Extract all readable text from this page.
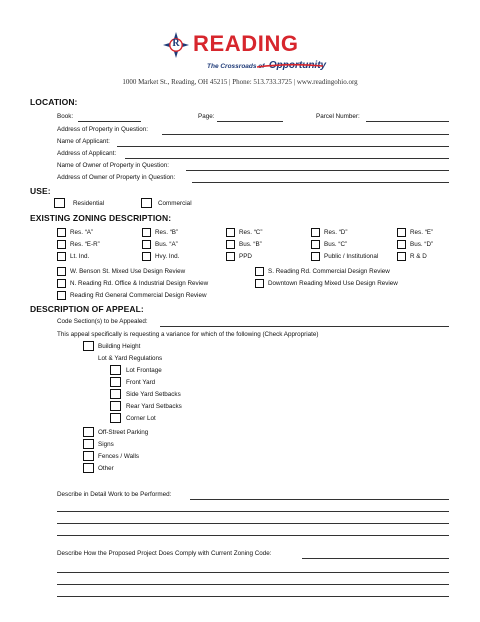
R READING
The Crossroads of Opportunity
1000 Market St., Reading, OH 45215 | Phone: 513.733.3725 | www.readingohio.org
LOCATION:
Book:	Page:	Parcel Number:
Address of Property in Question:
Name of Applicant:
Address of Applicant:
Name of Owner of Property in Question:
Address of Owner of Property in Question:
USE:
Residential	Commercial
EXISTING ZONING DESCRIPTION:
Res. “A”	Res. “B”	Res. “C”	Res. “D”	Res. “E”
Res. “E-R”	Bus. “A”	Bus. “B”	Bus. “C”	Bus. “D”
Lt. Ind.	Hvy. Ind.	PPD	Public / Institutional	R & D
W. Benson St. Mixed Use Design Review	S. Reading Rd. Commercial Design Review
N. Reading Rd. Office & Industrial Design Review	Downtown Reading Mixed Use Design Review
Reading Rd General Commercial Design Review
DESCRIPTION OF APPEAL:
Code Section(s) to be Appealed:
This appeal specifically is requesting a variance for which of the following (Check Appropriate)
Building Height
Lot & Yard Regulations
Lot Frontage
Front Yard
Side Yard Setbacks
Rear Yard Setbacks
Corner Lot
Off-Street Parking
Signs
Fences / Walls
Other
Describe in Detail Work to be Performed:
Describe How the Proposed Project Does Comply with Current Zoning Code:
